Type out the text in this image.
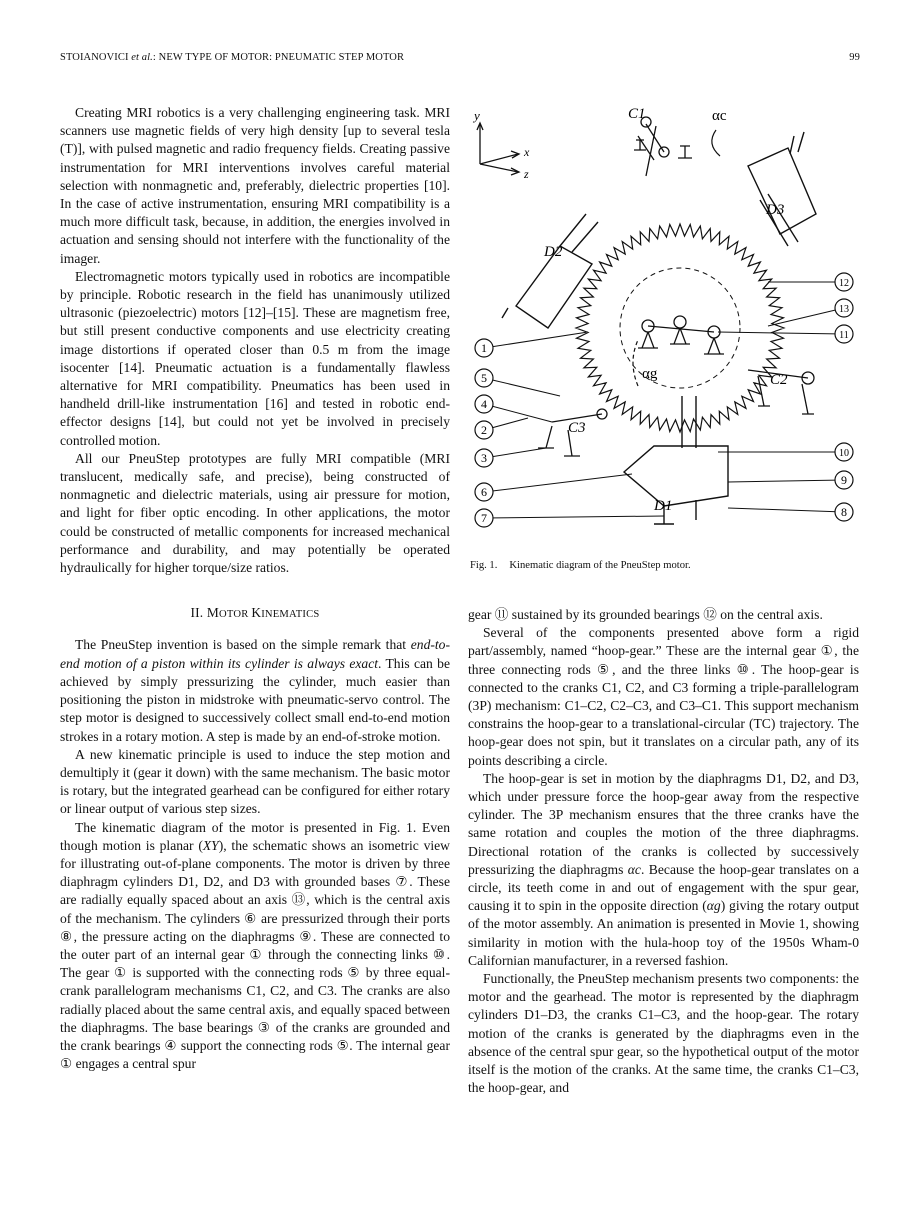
STOIANOVICI et al.: NEW TYPE OF MOTOR: PNEUMATIC STEP MOTOR	99

Creating MRI robotics is a very challenging engineering task. MRI scanners use magnetic fields of very high density [up to several tesla (T)], with pulsed magnetic and radio frequency fields. Creating passive instrumentation for MRI interventions involves careful material selection with nonmagnetic and, preferably, dielectric properties [10]. In the case of active instrumentation, ensuring MRI compatibility is a much more difficult task, because, in addition, the energies involved in actuation and sensing should not interfere with the functionality of the imager.

Electromagnetic motors typically used in robotics are incompatible by principle. Robotic research in the field has unanimously utilized ultrasonic (piezoelectric) motors [12]–[15]. These are magnetism free, but still present conductive components and use electricity creating image distortions if operated closer than 0.5 m from the image isocenter [14]. Pneumatic actuation is a fundamentally flawless alternative for MRI compatibility. Pneumatics has been used in handheld drill-like instrumentation [16] and tested in robotic end-effector designs [14], but could not yet be involved in precisely controlled motion.

All our PneuStep prototypes are fully MRI compatible (MRI translucent, medically safe, and precise), being constructed of nonmagnetic and dielectric materials, using air pressure for motion, and light for fiber optic encoding. In other applications, the motor could be constructed of metallic components for increased mechanical performance and durability, and may potentially be operated hydraulically for higher torque/size ratios.

II. MOTOR KINEMATICS

The PneuStep invention is based on the simple remark that end-to-end motion of a piston within its cylinder is always exact. This can be achieved by simply pressurizing the cylinder, much easier than positioning the piston in midstroke with pneumatic-servo control. The step motor is designed to successively collect small end-to-end motion strokes in a rotary motion. A step is made by an end-of-stroke motion.

A new kinematic principle is used to induce the step motion and demultiply it (gear it down) with the same mechanism. The basic motor is rotary, but the integrated gearhead can be configured for either rotary or linear output of various step sizes.

The kinematic diagram of the motor is presented in Fig. 1. Even though motion is planar (XY), the schematic shows an isometric view for illustrating out-of-plane components. The motor is driven by three diaphragm cylinders D1, D2, and D3 with grounded bases ⑦. These are radially equally spaced about an axis ⑬, which is the central axis of the mechanism. The cylinders ⑥ are pressurized through their ports ⑧, the pressure acting on the diaphragms ⑨. These are connected to the outer part of an internal gear ① through the connecting links ⑩. The gear ① is supported with the connecting rods ⑤ by three equal-crank parallelogram mechanisms C1, C2, and C3. The cranks are also radially placed about the same central axis, and equally spaced between the diaphragms. The base bearings ③ of the cranks are grounded and the crank bearings ④ support the connecting rods ⑤. The internal gear ① engages a central spur

y
x
z
C1	αc
D3
D2
C2
C3
D1
αg
1
5
4
2
3
6
7
12
13
11
10
9
8
Fig. 1. Kinematic diagram of the PneuStep motor.

gear ⑪ sustained by its grounded bearings ⑫ on the central axis.

Several of the components presented above form a rigid part/assembly, named “hoop-gear.” These are the internal gear ①, the three connecting rods ⑤, and the three links ⑩. The hoop-gear is connected to the cranks C1, C2, and C3 forming a triple-parallelogram (3P) mechanism: C1–C2, C2–C3, and C3–C1. This support mechanism constrains the hoop-gear to a translational-circular (TC) trajectory. The hoop-gear does not spin, but it translates on a circular path, any of its points describing a circle.

The hoop-gear is set in motion by the diaphragms D1, D2, and D3, which under pressure force the hoop-gear away from the respective cylinder. The 3P mechanism ensures that the three cranks have the same rotation and couples the motion of the three diaphragms. Directional rotation of the cranks is collected by successively pressurizing the diaphragms αc. Because the hoop-gear translates on a circle, its teeth come in and out of engagement with the spur gear, causing it to spin in the opposite direction (αg) giving the rotary output of the motor assembly. An animation is presented in Movie 1, showing similarity in motion with the hula-hoop toy of the 1950s Wham-0 Californian manufacturer, in a reversed fashion.

Functionally, the PneuStep mechanism presents two components: the motor and the gearhead. The motor is represented by the diaphragm cylinders D1–D3, the cranks C1–C3, and the hoop-gear. The rotary motion of the cranks is generated by the diaphragms even in the absence of the central spur gear, so the hypothetical output of the motor itself is the motion of the cranks. At the same time, the cranks C1–C3, the hoop-gear, and
